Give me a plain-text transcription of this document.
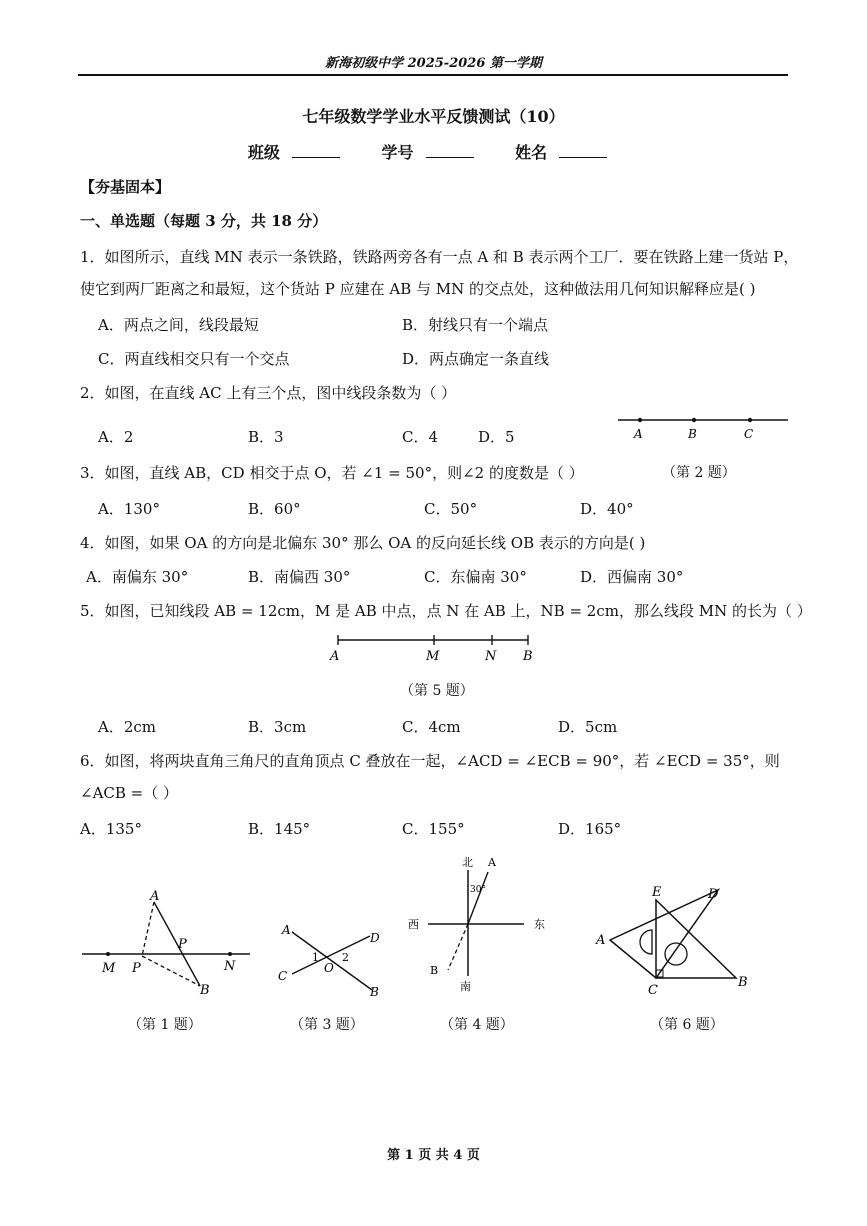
新海初级中学 2025-2026 第一学期
七年级数学学业水平反馈测试（10）
班级	学号	姓名
【夯基固本】
一、单选题（每题 3 分，共 18 分）
1．如图所示，直线 MN 表示一条铁路，铁路两旁各有一点 A 和 B 表示两个工厂．要在铁路上建一货站 P，
使它到两厂距离之和最短，这个货站 P 应建在 AB 与 MN 的交点处，这种做法用几何知识解释应是( )
A．两点之间，线段最短	B．射线只有一个端点
C．两直线相交只有一个交点	D．两点确定一条直线
2．如图，在直线 AC 上有三个点，图中线段条数为（ ）
A．2	B．3	C．4	D．5	A	B	C
（第 2 题）
3．如图，直线 AB，CD 相交于点 O，若 ∠1 = 50°，则∠2 的度数是（ ）
A．130°	B．60°	C．50°	D．40°
4．如图，如果 OA 的方向是北偏东 30° 那么 OA 的反向延长线 OB 表示的方向是( )
A．南偏东 30°	B．南偏西 30°	C．东偏南 30°	D．西偏南 30°
5．如图，已知线段 AB = 12cm，M 是 AB 中点，点 N 在 AB 上，NB = 2cm，那么线段 MN 的长为（ ）
A	M	N B
（第 5 题）
A．2cm	B．3cm	C．4cm	D．5cm
6．如图，将两块直角三角尺的直角顶点 C 叠放在一起，∠ACD = ∠ECB = 90°，若 ∠ECD = 35°，则
∠ACB =（ ）
A．135°	B．145°	C．155°	D．165°
A
P
M P	N
B
（第 1 题）
A
D
1 2
O
C
B
（第 3 题）
北 A
30°
西	东
B
南
（第 4 题）
E	D
A
C
B
（第 6 题）
第 1 页 共 4 页
